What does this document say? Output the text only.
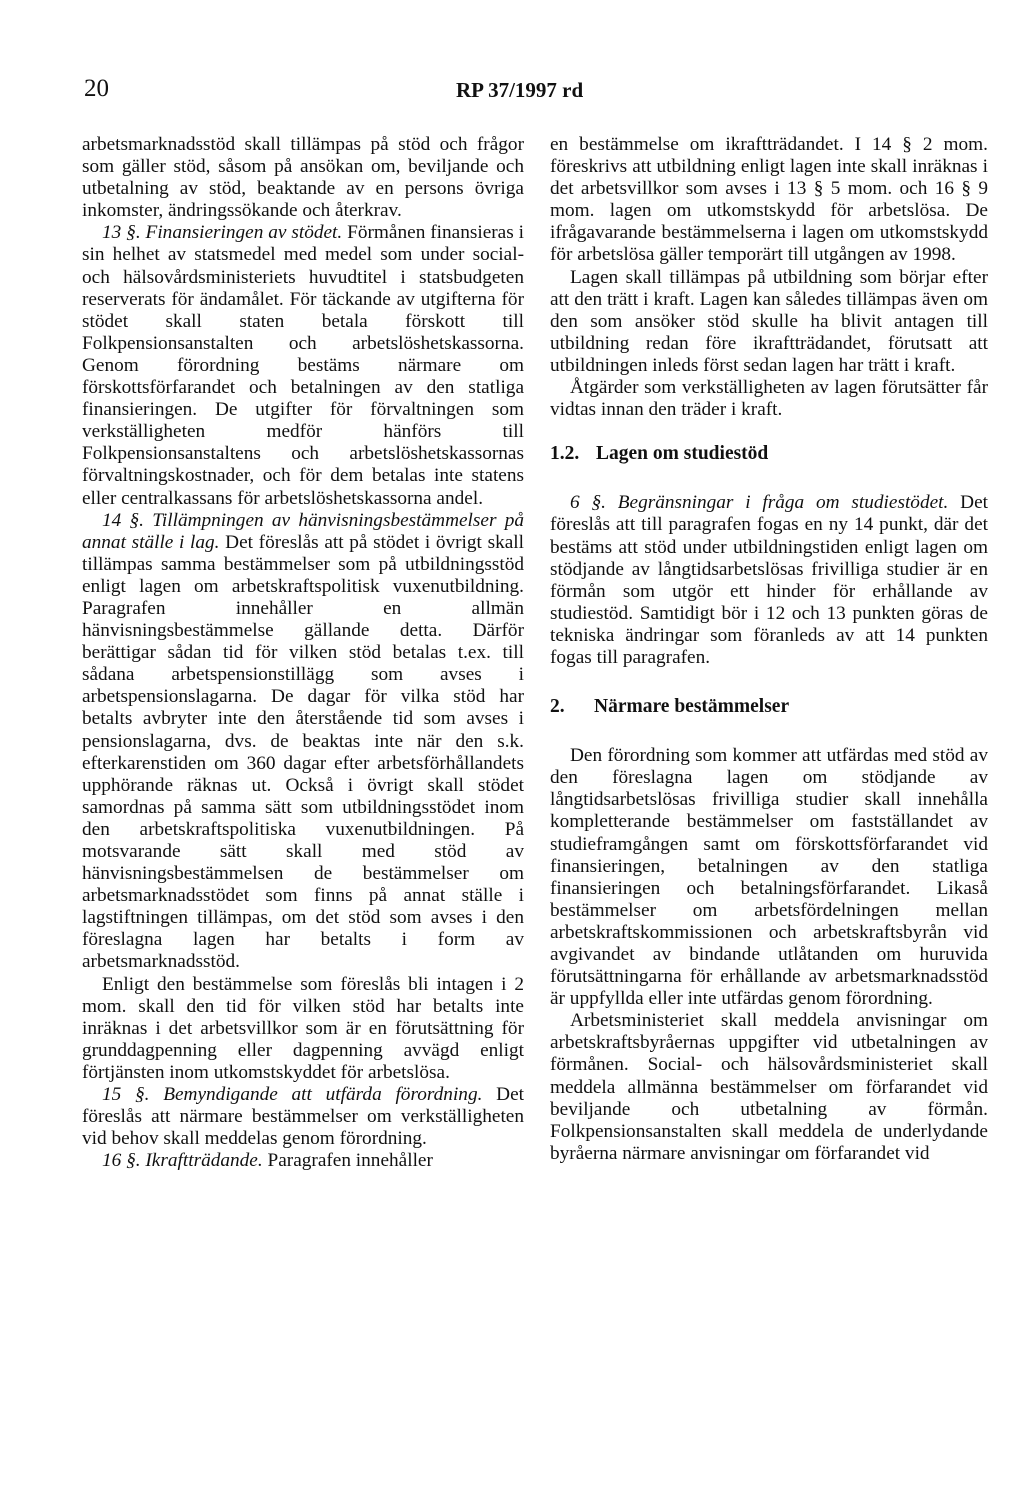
20	RP 37/1997 rd

arbetsmarknadsstöd skall tillämpas på stöd och frågor som gäller stöd, såsom på ansökan om, beviljande och utbetalning av stöd, beaktande av en persons övriga inkomster, ändringssökande och återkrav.

13 §. Finansieringen av stödet. Förmånen finansieras i sin helhet av statsmedel med medel som under social- och hälsovårdsministeriets huvudtitel i statsbudgeten reserverats för ändamålet. För täckande av utgifterna för stödet skall staten betala förskott till Folkpensionsanstalten och arbetslöshetskassorna. Genom förordning bestäms närmare om förskottsförfarandet och betalningen av den statliga finansieringen. De utgifter för förvaltningen som verkställigheten medför hänförs till Folkpensionsanstaltens och arbetslöshetskassornas förvaltningskostnader, och för dem betalas inte statens eller centralkassans för arbetslöshetskassorna andel.

14 §. Tillämpningen av hänvisningsbestämmelser på annat ställe i lag. Det föreslås att på stödet i övrigt skall tillämpas samma bestämmelser som på utbildningsstöd enligt lagen om arbetskraftspolitisk vuxenutbildning. Paragrafen innehåller en allmän hänvisningsbestämmelse gällande detta. Därför berättigar sådan tid för vilken stöd betalas t.ex. till sådana arbetspensionstillägg som avses i arbetspensionslagarna. De dagar för vilka stöd har betalts avbryter inte den återstående tid som avses i pensionslagarna, dvs. de beaktas inte när den s.k. efterkarenstiden om 360 dagar efter arbetsförhållandets upphörande räknas ut. Också i övrigt skall stödet samordnas på samma sätt som utbildningsstödet inom den arbetskraftspolitiska vuxenutbildningen. På motsvarande sätt skall med stöd av hänvisningsbestämmelsen de bestämmelser om arbetsmarknadsstödet som finns på annat ställe i lagstiftningen tillämpas, om det stöd som avses i den föreslagna lagen har betalts i form av arbetsmarknadsstöd.

Enligt den bestämmelse som föreslås bli intagen i 2 mom. skall den tid för vilken stöd har betalts inte inräknas i det arbetsvillkor som är en förutsättning för grunddagpenning eller dagpenning avvägd enligt förtjänsten inom utkomstskyddet för arbetslösa.

15 §. Bemyndigande att utfärda förordning. Det föreslås att närmare bestämmelser om verkställigheten vid behov skall meddelas genom förordning.

16 §. Ikraftträdande. Paragrafen innehåller

en bestämmelse om ikraftträdandet. I 14 § 2 mom. föreskrivs att utbildning enligt lagen inte skall inräknas i det arbetsvillkor som avses i 13 § 5 mom. och 16 § 9 mom. lagen om utkomstskydd för arbetslösa. De ifrågavarande bestämmelserna i lagen om utkomstskydd för arbetslösa gäller temporärt till utgången av 1998.

Lagen skall tillämpas på utbildning som börjar efter att den trätt i kraft. Lagen kan således tillämpas även om den som ansöker stöd skulle ha blivit antagen till utbildning redan före ikraftträdandet, förutsatt att utbildningen inleds först sedan lagen har trätt i kraft.

Åtgärder som verkställigheten av lagen förutsätter får vidtas innan den träder i kraft.

1.2. Lagen om studiestöd

6 §. Begränsningar i fråga om studiestödet. Det föreslås att till paragrafen fogas en ny 14 punkt, där det bestäms att stöd under utbildningstiden enligt lagen om stödjande av långtidsarbetslösas frivilliga studier är en förmån som utgör ett hinder för erhållande av studiestöd. Samtidigt bör i 12 och 13 punkten göras de tekniska ändringar som föranleds av att 14 punkten fogas till paragrafen.

2. Närmare bestämmelser

Den förordning som kommer att utfärdas med stöd av den föreslagna lagen om stödjande av långtidsarbetslösas frivilliga studier skall innehålla kompletterande bestämmelser om fastställandet av studieframgången samt om förskottsförfarandet vid finansieringen, betalningen av den statliga finansieringen och betalningsförfarandet. Likaså bestämmelser om arbetsfördelningen mellan arbetskraftskommissionen och arbetskraftsbyrån vid avgivandet av bindande utlåtanden om huruvida förutsättningarna för erhållande av arbetsmarknadsstöd är uppfyllda eller inte utfärdas genom förordning.

Arbetsministeriet skall meddela anvisningar om arbetskraftsbyråernas uppgifter vid utbetalningen av förmånen. Social- och hälsovårdsministeriet skall meddela allmänna bestämmelser om förfarandet vid beviljande och utbetalning av förmån. Folkpensionsanstalten skall meddela de underlydande byråerna närmare anvisningar om förfarandet vid
